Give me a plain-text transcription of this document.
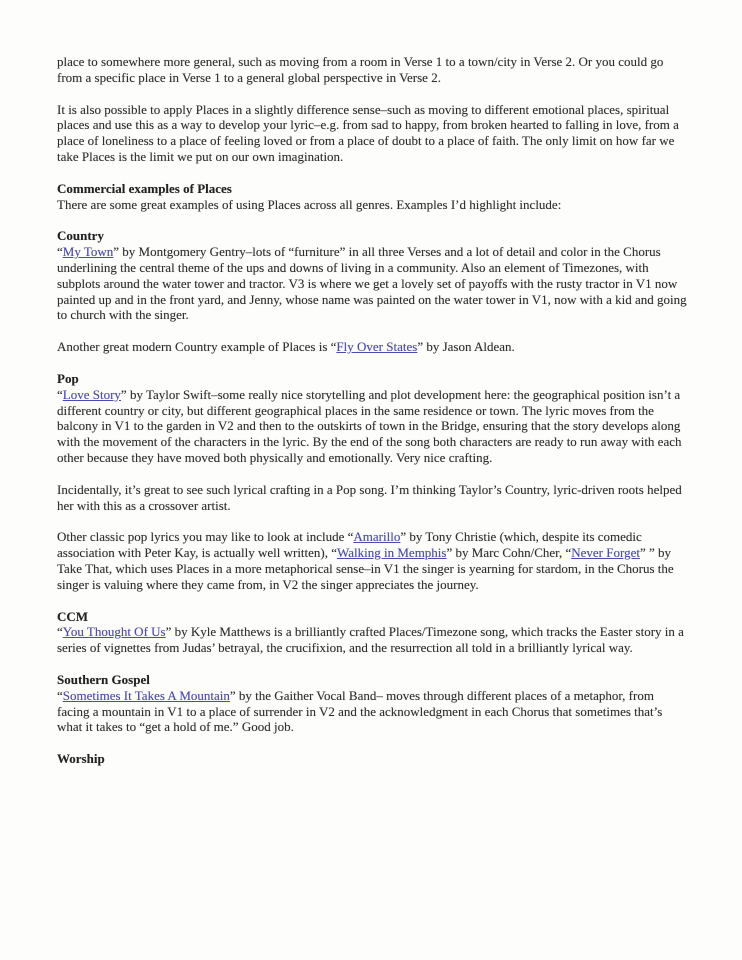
place to somewhere more general, such as moving from a room in Verse 1 to a town/city in Verse 2. Or you could go from a specific place in Verse 1 to a general global perspective in Verse 2.

It is also possible to apply Places in a slightly difference sense–such as moving to different emotional places, spiritual places and use this as a way to develop your lyric–e.g. from sad to happy, from broken hearted to falling in love, from a place of loneliness to a place of feeling loved or from a place of doubt to a place of faith. The only limit on how far we take Places is the limit we put on our own imagination.

Commercial examples of Places

There are some great examples of using Places across all genres. Examples I’d highlight include:

Country

“My Town” by Montgomery Gentry–lots of “furniture” in all three Verses and a lot of detail and color in the Chorus underlining the central theme of the ups and downs of living in a community. Also an element of Timezones, with subplots around the water tower and tractor. V3 is where we get a lovely set of payoffs with the rusty tractor in V1 now painted up and in the front yard, and Jenny, whose name was painted on the water tower in V1, now with a kid and going to church with the singer.

Another great modern Country example of Places is “Fly Over States” by Jason Aldean.

Pop

“Love Story” by Taylor Swift–some really nice storytelling and plot development here: the geographical position isn’t a different country or city, but different geographical places in the same residence or town. The lyric moves from the balcony in V1 to the garden in V2 and then to the outskirts of town in the Bridge, ensuring that the story develops along with the movement of the characters in the lyric. By the end of the song both characters are ready to run away with each other because they have moved both physically and emotionally. Very nice crafting.

Incidentally, it’s great to see such lyrical crafting in a Pop song. I’m thinking Taylor’s Country, lyric-driven roots helped her with this as a crossover artist.

Other classic pop lyrics you may like to look at include “Amarillo” by Tony Christie (which, despite its comedic association with Peter Kay, is actually well written), “Walking in Memphis” by Marc Cohn/Cher, “Never Forget” ” by Take That, which uses Places in a more metaphorical sense–in V1 the singer is yearning for stardom, in the Chorus the singer is valuing where they came from, in V2 the singer appreciates the journey.

CCM

“You Thought Of Us” by Kyle Matthews is a brilliantly crafted Places/Timezone song, which tracks the Easter story in a series of vignettes from Judas’ betrayal, the crucifixion, and the resurrection all told in a brilliantly lyrical way.

Southern Gospel

“Sometimes It Takes A Mountain” by the Gaither Vocal Band– moves through different places of a metaphor, from facing a mountain in V1 to a place of surrender in V2 and the acknowledgment in each Chorus that sometimes that’s what it takes to “get a hold of me.” Good job.

Worship
